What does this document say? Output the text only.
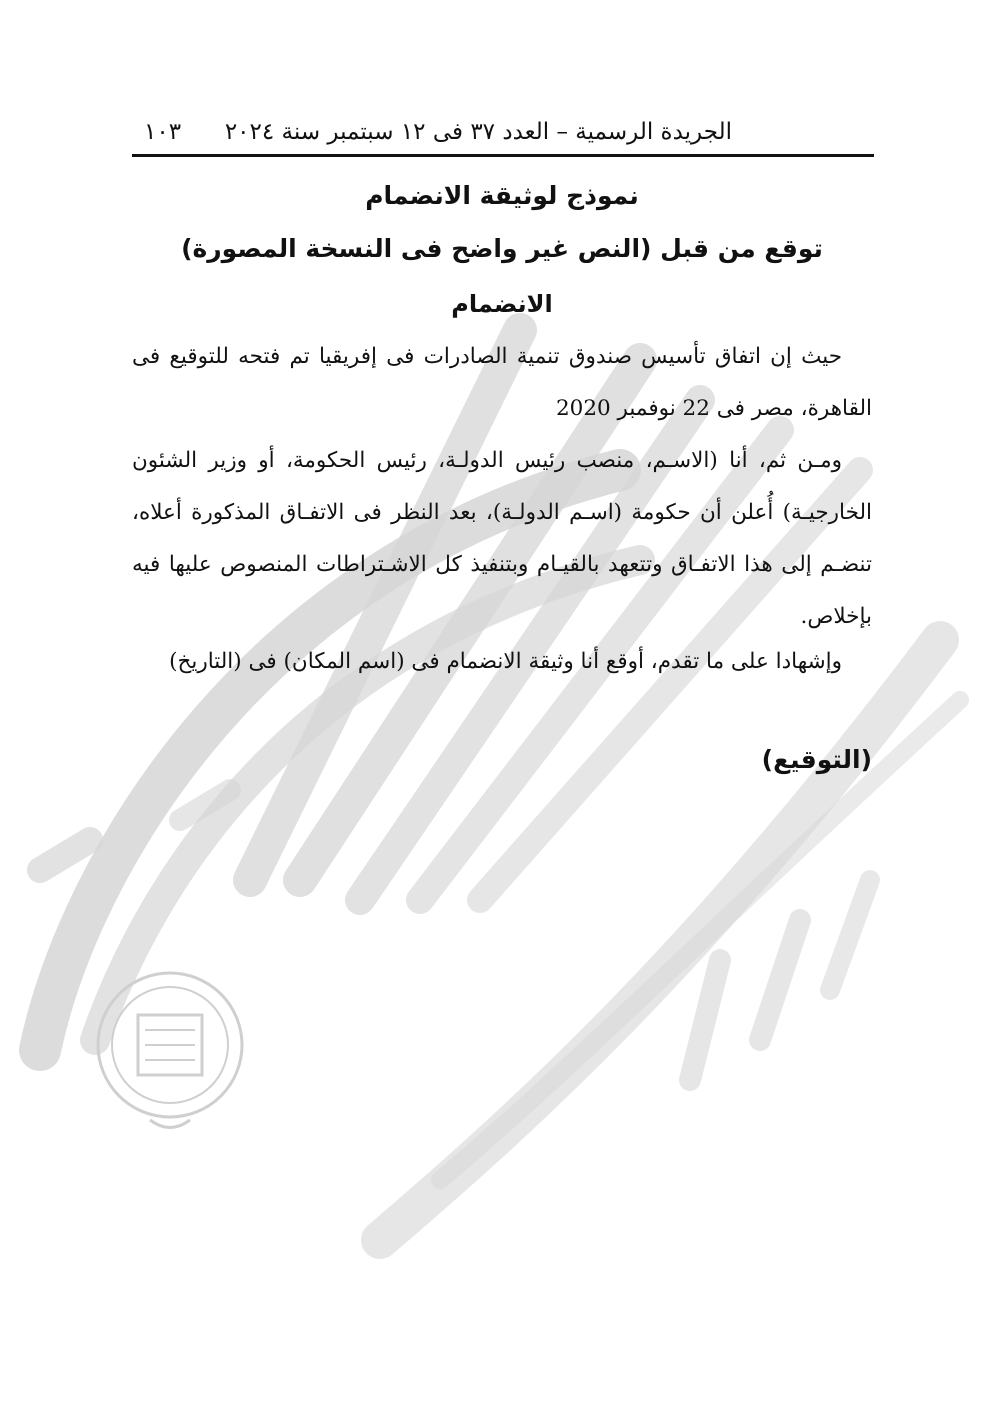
الجريدة الرسمية – العدد ٣٧ فى ١٢ سبتمبر سنة ٢٠٢٤
١٠٣
نموذج لوثيقة الانضمام
توقع من قبل (النص غير واضح فى النسخة المصورة)
الانضمام
حيث إن اتفاق تأسيس صندوق تنمية الصادرات فى إفريقيا تم فتحه للتوقيع فى القاهرة، مصر فى 22 نوفمبر 2020
ومـن ثم، أنا (الاسـم، منصب رئيس الدولـة، رئيس الحكومة، أو وزير الشئون الخارجيـة) أُعلن أن حكومة (اسـم الدولـة)، بعد النظر فى الاتفـاق المذكورة أعلاه، تنضـم إلى هذا الاتفـاق وتتعهد بالقيـام وبتنفيذ كل الاشـتراطات المنصوص عليها فيه بإخلاص.
وإشهادا على ما تقدم، أوقع أنا وثيقة الانضمام فى (اسم المكان) فى (التاريخ)
(التوقيع)
